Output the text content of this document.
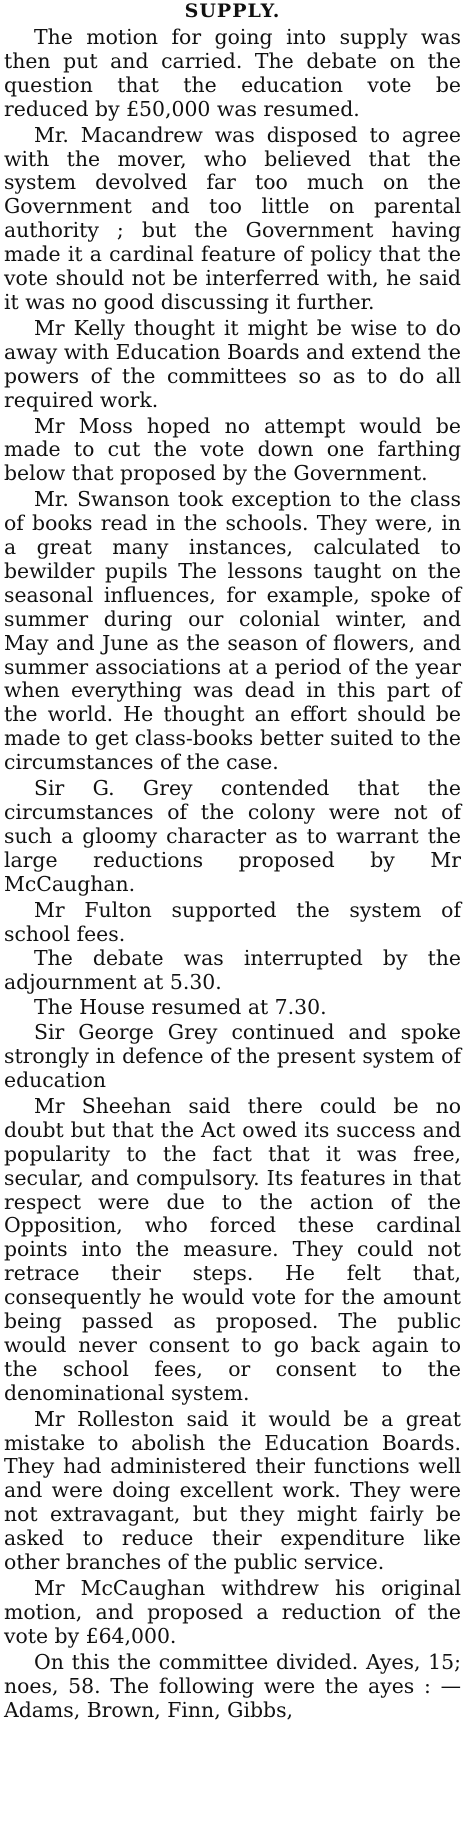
SUPPLY.

The motion for going into supply was then put and carried. The debate on the question that the education vote be reduced by £50,000 was resumed.

Mr. Macandrew was disposed to agree with the mover, who believed that the system devolved far too much on the Government and too little on parental authority ; but the Government having made it a cardinal feature of policy that the vote should not be interferred with, he said it was no good discussing it further.

Mr Kelly thought it might be wise to do away with Education Boards and extend the powers of the committees so as to do all required work.

Mr Moss hoped no attempt would be made to cut the vote down one farthing below that proposed by the Government.

Mr. Swanson took exception to the class of books read in the schools. They were, in a great many instances, calculated to bewilder pupils The lessons taught on the seasonal influences, for example, spoke of summer during our colonial winter, and May and June as the season of flowers, and summer associations at a period of the year when everything was dead in this part of the world. He thought an effort should be made to get class-books better suited to the circumstances of the case.

Sir G. Grey contended that the circumstances of the colony were not of such a gloomy character as to warrant the large reductions proposed by Mr McCaughan.

Mr Fulton supported the system of school fees.

The debate was interrupted by the adjournment at 5.30.

The House resumed at 7.30.

Sir George Grey continued and spoke strongly in defence of the present system of education

Mr Sheehan said there could be no doubt but that the Act owed its success and popularity to the fact that it was free, secular, and compulsory. Its features in that respect were due to the action of the Opposition, who forced these cardinal points into the measure. They could not retrace their steps. He felt that, consequently he would vote for the amount being passed as proposed. The public would never consent to go back again to the school fees, or consent to the denominational system.

Mr Rolleston said it would be a great mistake to abolish the Education Boards. They had administered their functions well and were doing excellent work. They were not extravagant, but they might fairly be asked to reduce their expenditure like other branches of the public service.

Mr McCaughan withdrew his original motion, and proposed a reduction of the vote by £64,000.

On this the committee divided. Ayes, 15; noes, 58. The following were the ayes : — Adams, Brown, Finn, Gibbs,
